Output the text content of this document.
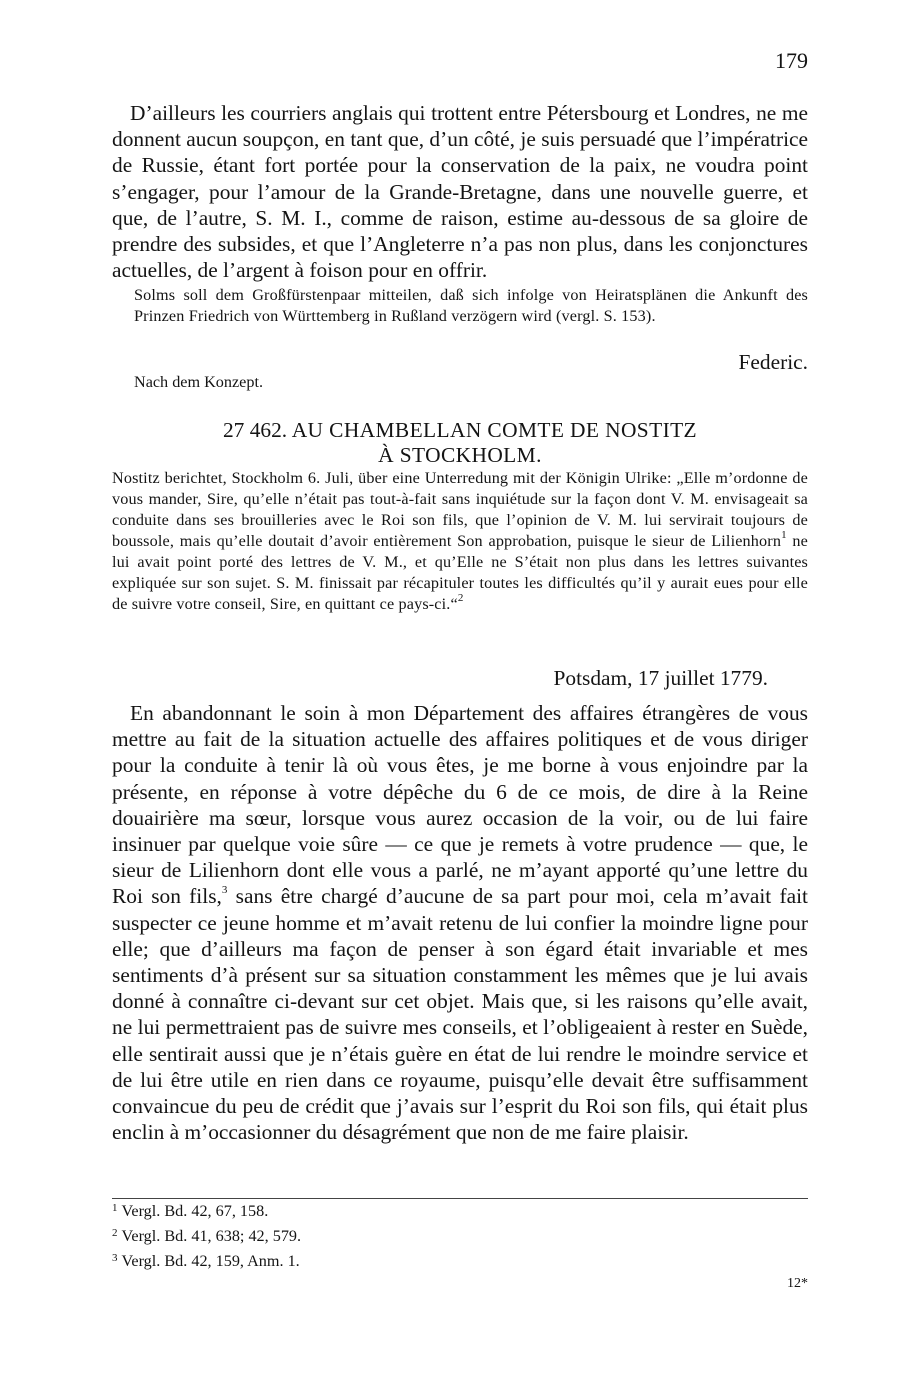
179

D’ailleurs les courriers anglais qui trottent entre Pétersbourg et Londres, ne me donnent aucun soupçon, en tant que, d’un côté, je suis persuadé que l’impératrice de Russie, étant fort portée pour la conservation de la paix, ne voudra point s’engager, pour l’amour de la Grande-Bretagne, dans une nouvelle guerre, et que, de l’autre, S. M. I., comme de raison, estime au-dessous de sa gloire de prendre des subsides, et que l’Angleterre n’a pas non plus, dans les conjonctures actuelles, de l’argent à foison pour en offrir.

Solms soll dem Großfürstenpaar mitteilen, daß sich infolge von Heiratsplänen die Ankunft des Prinzen Friedrich von Württemberg in Rußland verzögern wird (vergl. S. 153).

Federic.
Nach dem Konzept.
27 462. AU CHAMBELLAN COMTE DE NOSTITZ
À STOCKHOLM.

Nostitz berichtet, Stockholm 6. Juli, über eine Unterredung mit der Königin Ulrike: „Elle m’ordonne de vous mander, Sire, qu’elle n’était pas tout-à-fait sans inquiétude sur la façon dont V. M. envisageait sa conduite dans ses brouilleries avec le Roi son fils, que l’opinion de V. M. lui servirait toujours de boussole, mais qu’elle doutait d’avoir entièrement Son approbation, puisque le sieur de Lilienhorn$^1$ ne lui avait point porté des lettres de V. M., et qu’Elle ne S’était non plus dans les lettres suivantes expliquée sur son sujet. S. M. finissait par récapituler toutes les difficultés qu’il y aurait eues pour elle de suivre votre conseil, Sire, en quittant ce pays-ci.“$^2$

Potsdam, 17 juillet 1779.

En abandonnant le soin à mon Département des affaires étrangères de vous mettre au fait de la situation actuelle des affaires politiques et de vous diriger pour la conduite à tenir là où vous êtes, je me borne à vous enjoindre par la présente, en réponse à votre dépêche du 6 de ce mois, de dire à la Reine douairière ma sœur, lorsque vous aurez occasion de la voir, ou de lui faire insinuer par quelque voie sûre — ce que je remets à votre prudence — que, le sieur de Lilienhorn dont elle vous a parlé, ne m’ayant apporté qu’une lettre du Roi son fils,$^3$ sans être chargé d’aucune de sa part pour moi, cela m’avait fait suspecter ce jeune homme et m’avait retenu de lui confier la moindre ligne pour elle; que d’ailleurs ma façon de penser à son égard était invariable et mes sentiments d’à présent sur sa situation constamment les mêmes que je lui avais donné à connaître ci-devant sur cet objet. Mais que, si les raisons qu’elle avait, ne lui permettraient pas de suivre mes conseils, et l’obligeaient à rester en Suède, elle sentirait aussi que je n’étais guère en état de lui rendre le moindre service et de lui être utile en rien dans ce royaume, puisqu’elle devait être suffisamment convaincue du peu de crédit que j’avais sur l’esprit du Roi son fils, qui était plus enclin à m’occasionner du désagrément que non de me faire plaisir.

$^1$ Vergl. Bd. 42, 67, 158.
$^2$ Vergl. Bd. 41, 638; 42, 579.
$^3$ Vergl. Bd. 42, 159, Anm. 1.
12*
